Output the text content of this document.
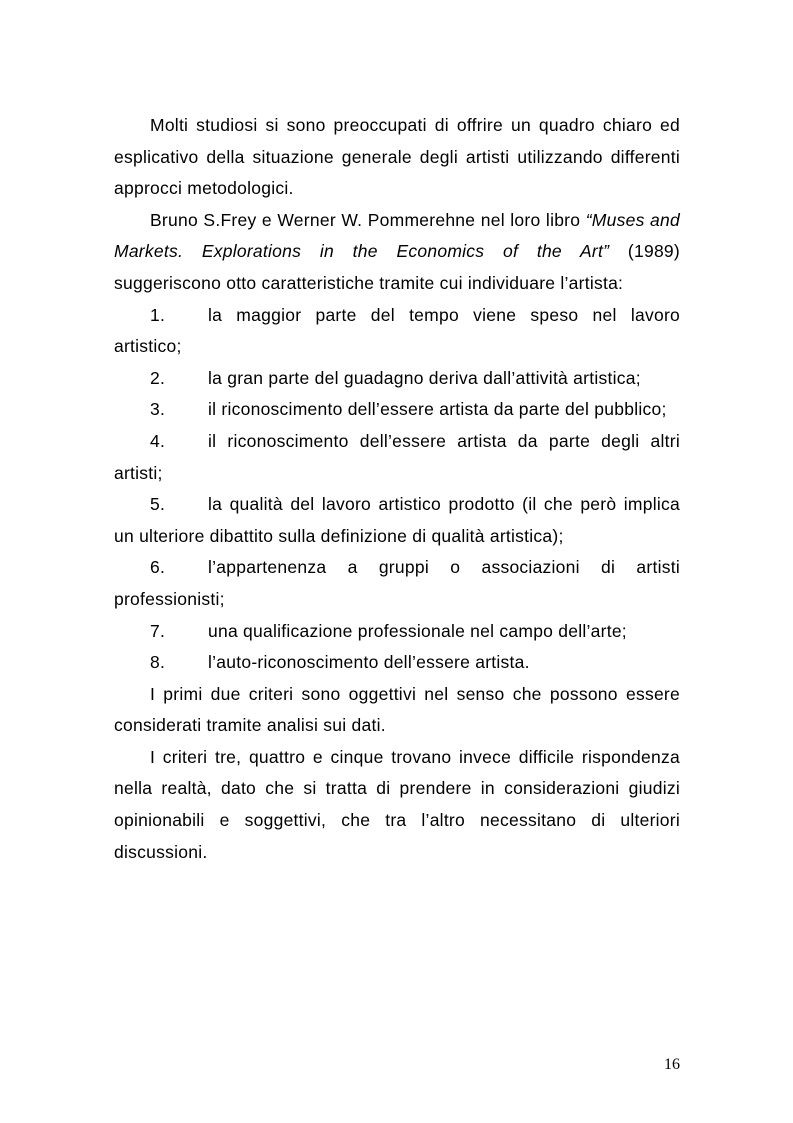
Molti studiosi si sono preoccupati di offrire un quadro chiaro ed esplicativo della situazione generale degli artisti utilizzando differenti approcci metodologici.

Bruno S.Frey e Werner W. Pommerehne nel loro libro “Muses and Markets. Explorations in the Economics of the Art” (1989) suggeriscono otto caratteristiche tramite cui individuare l’artista:

1. la maggior parte del tempo viene speso nel lavoro artistico;

2. la gran parte del guadagno deriva dall’attività artistica;

3. il riconoscimento dell’essere artista da parte del pubblico;

4. il riconoscimento dell’essere artista da parte degli altri artisti;

5. la qualità del lavoro artistico prodotto (il che però implica un ulteriore dibattito sulla definizione di qualità artistica);

6. l’appartenenza a gruppi o associazioni di artisti professionisti;

7. una qualificazione professionale nel campo dell’arte;

8. l’auto-riconoscimento dell’essere artista.

I primi due criteri sono oggettivi nel senso che possono essere considerati tramite analisi sui dati.

I criteri tre, quattro e cinque trovano invece difficile rispondenza nella realtà, dato che si tratta di prendere in considerazioni giudizi opinionabili e soggettivi, che tra l’altro necessitano di ulteriori discussioni.

16
